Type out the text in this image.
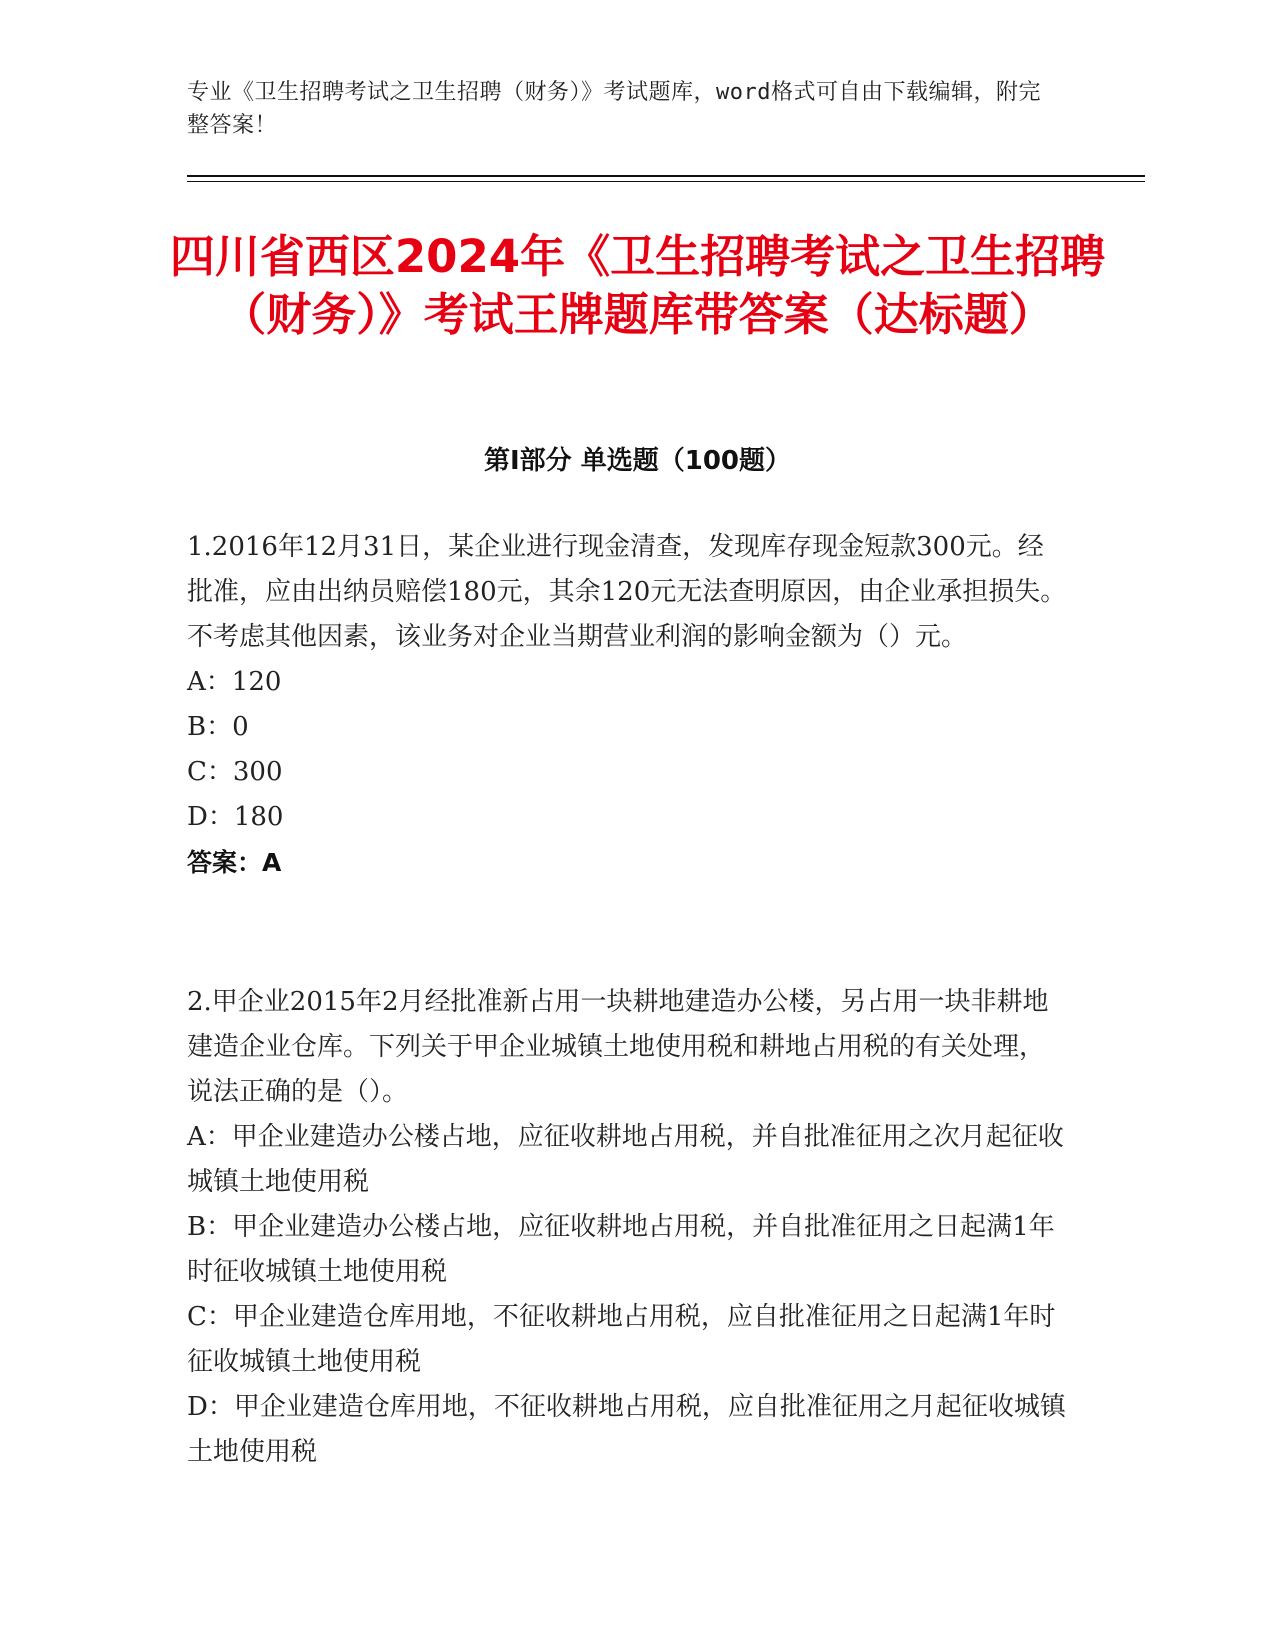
专业《卫生招聘考试之卫生招聘（财务）》考试题库，word格式可自由下载编辑，附完整答案！
四川省西区2024年《卫生招聘考试之卫生招聘（财务）》考试王牌题库带答案（达标题）
第I部分 单选题（100题）

1.2016年12月31日，某企业进行现金清查，发现库存现金短款300元。经批准，应由出纳员赔偿180元，其余120元无法查明原因，由企业承担损失。不考虑其他因素，该业务对企业当期营业利润的影响金额为（）元。

A：120

B：0

C：300

D：180

答案：A

2.甲企业2015年2月经批准新占用一块耕地建造办公楼，另占用一块非耕地建造企业仓库。下列关于甲企业城镇土地使用税和耕地占用税的有关处理，说法正确的是（）。

A：甲企业建造办公楼占地，应征收耕地占用税，并自批准征用之次月起征收城镇土地使用税

B：甲企业建造办公楼占地，应征收耕地占用税，并自批准征用之日起满1年时征收城镇土地使用税

C：甲企业建造仓库用地，不征收耕地占用税，应自批准征用之日起满1年时征收城镇土地使用税

D：甲企业建造仓库用地，不征收耕地占用税，应自批准征用之月起征收城镇土地使用税
